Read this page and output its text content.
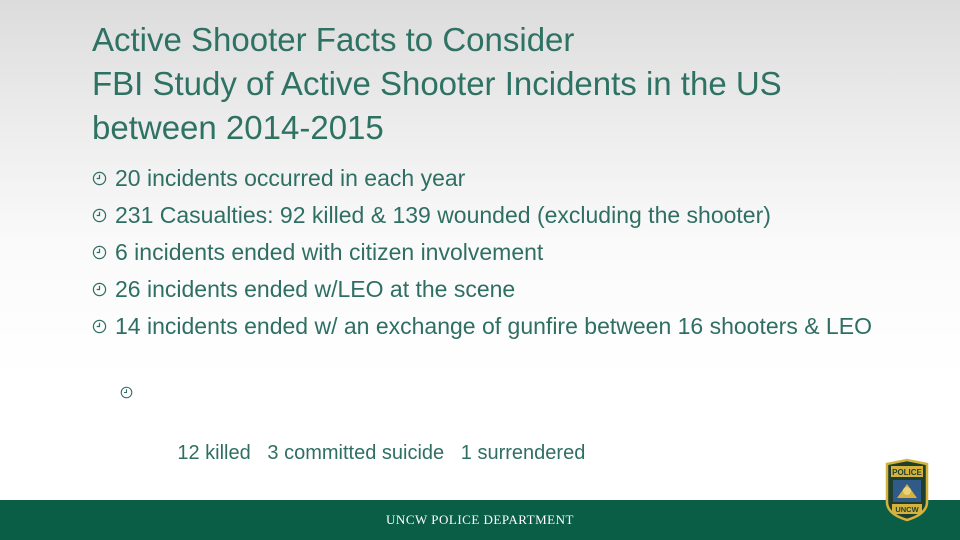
Active Shooter Facts to Consider
FBI Study of Active Shooter Incidents in the US
between 2014-2015
20 incidents occurred in each year
231 Casualties: 92 killed & 139 wounded (excluding the shooter)
6 incidents ended with citizen involvement
26 incidents ended w/LEO at the scene
14 incidents ended w/ an exchange of gunfire between 16 shooters & LEO

12 killed   3 committed suicide   1 surrendered

UNCW POLICE DEPARTMENT
POLICE
UNCW
